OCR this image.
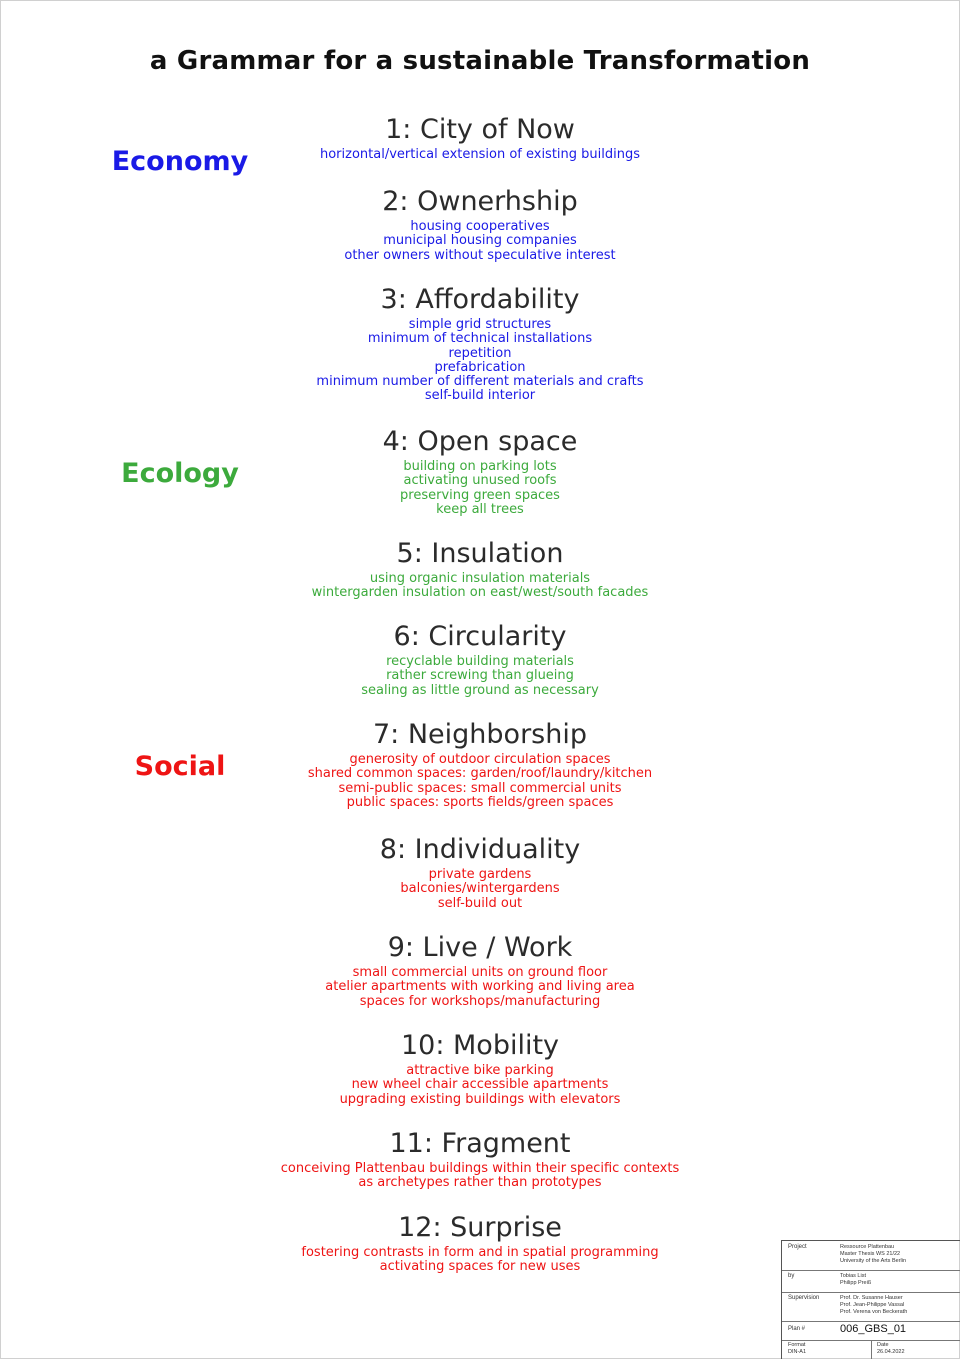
a Grammar for a sustainable Transformation
Economy
Ecology
Social
1: City of Now
horizontal/vertical extension of existing buildings
2: Ownerhship
housing cooperatives
municipal housing companies
other owners without speculative interest
3: Affordability
simple grid structures
minimum of technical installations
repetition
prefabrication
minimum number of different materials and crafts
self-build interior
4: Open space
building on parking lots
activating unused roofs
preserving green spaces
keep all trees
5: Insulation
using organic insulation materials
wintergarden insulation on east/west/south facades
6: Circularity
recyclable building materials
rather screwing than glueing
sealing as little ground as necessary
7: Neighborship
generosity of outdoor circulation spaces
shared common spaces: garden/roof/laundry/kitchen
semi-public spaces: small commercial units
public spaces: sports fields/green spaces
8: Individuality
private gardens
balconies/wintergardens
self-build out
9: Live / Work
small commercial units on ground floor
atelier apartments with working and living area
spaces for workshops/manufacturing
10: Mobility
attractive bike parking
new wheel chair accessible apartments
upgrading existing buildings with elevators
11: Fragment
conceiving Plattenbau buildings within their specific contexts
as archetypes rather than prototypes
12: Surprise
fostering contrasts in form and in spatial programming
activating spaces for new uses
Project	Ressource Plattenbau
Master Thesis WS 21/22
University of the Arts Berlin
by	Tobias List
Philipp Preiß
Supervision	Prof. Dr. Susanne Hauser
Prof. Jean-Philippe Vassal
Prof. Verena von Beckerath
Plan #	006_GBS_01
Format
DIN-A1
Date
26.04.2022
